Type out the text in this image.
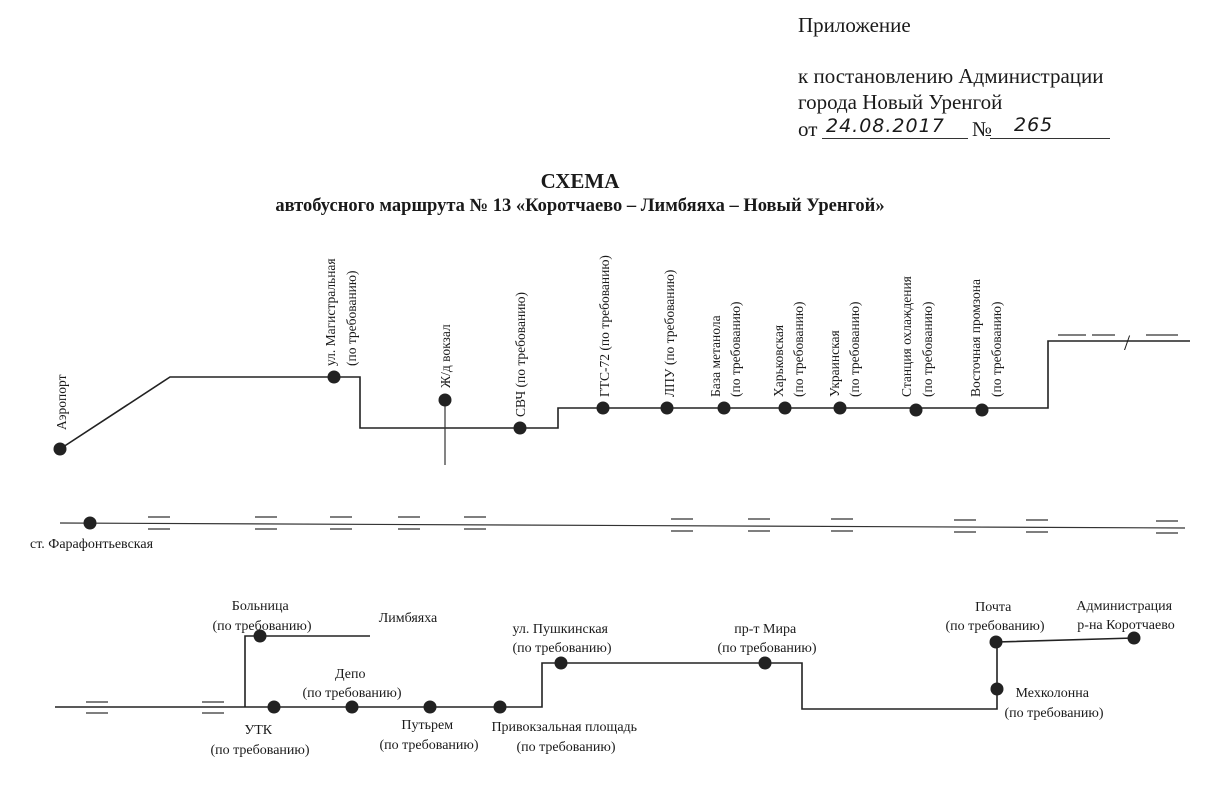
Приложение
к постановлению Администрации
города Новый Уренгой
от 24.08.2017 № 265
СХЕМА
автобусного маршрута № 13 «Коротчаево – Лимбяяха – Новый Уренгой»
/
Аэропорт
ул. Магистральная (по требованию)	Ж/д вокзал	СВЧ (по требованию)	ГТС-72 (по требованию)	ЛПУ (по требованию) База метанола (по требованию) Харьковская (по требованию) Украинская (по требованию)	Станция охлаждения (по требованию) Восточная промзона (по требованию)
ст. Фарафонтьевская
Больница (по требованию)
Лимбяяха
УТК (по требованию)
Депо (по требованию)
Путьрем (по требованию)
Привокзальная площадь (по требованию)
ул. Пушкинская (по требованию)
пр-т Мира (по требованию)
Почта (по требованию)
Администрация р-на Коротчаево
Мехколонна (по требованию)
